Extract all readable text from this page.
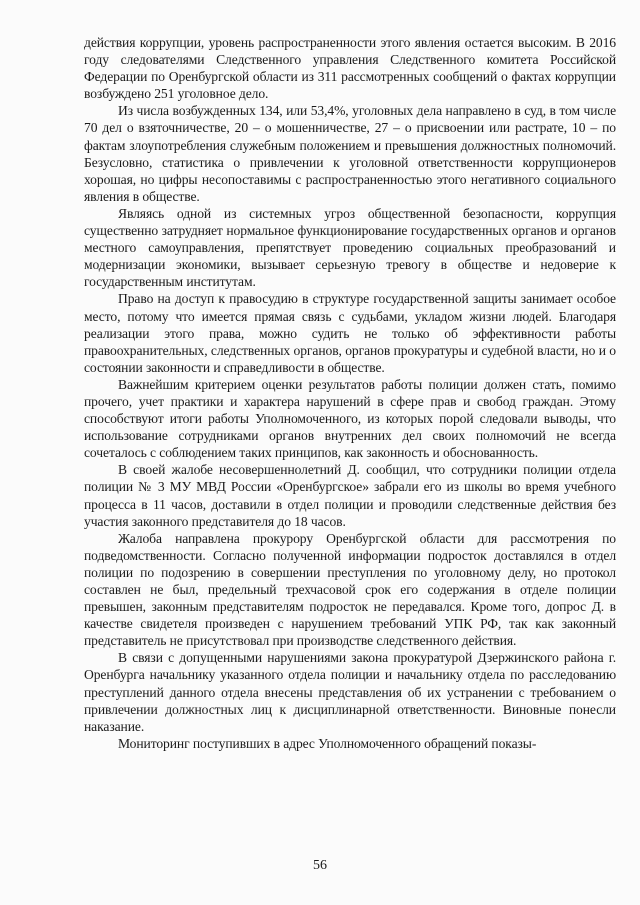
действия коррупции, уровень распространенности этого явления остается высоким. В 2016 году следователями Следственного управления Следственного комитета Российской Федерации по Оренбургской области из 311 рассмотренных сообщений о фактах коррупции возбуждено 251 уголовное дело.

Из числа возбужденных 134, или 53,4%, уголовных дела направлено в суд, в том числе 70 дел о взяточничестве, 20 – о мошенничестве, 27 – о присвоении или растрате, 10 – по фактам злоупотребления служебным положением и превышения должностных полномочий. Безусловно, статистика о привлечении к уголовной ответственности коррупционеров хорошая, но цифры несопоставимы с распространенностью этого негативного социального явления в обществе.

Являясь одной из системных угроз общественной безопасности, коррупция существенно затрудняет нормальное функционирование государственных органов и органов местного самоуправления, препятствует проведению социальных преобразований и модернизации экономики, вызывает серьезную тревогу в обществе и недоверие к государственным институтам.

Право на доступ к правосудию в структуре государственной защиты занимает особое место, потому что имеется прямая связь с судьбами, укладом жизни людей. Благодаря реализации этого права, можно судить не только об эффективности работы правоохранительных, следственных органов, органов прокуратуры и судебной власти, но и о состоянии законности и справедливости в обществе.

Важнейшим критерием оценки результатов работы полиции должен стать, помимо прочего, учет практики и характера нарушений в сфере прав и свобод граждан. Этому способствуют итоги работы Уполномоченного, из которых порой следовали выводы, что использование сотрудниками органов внутренних дел своих полномочий не всегда сочеталось с соблюдением таких принципов, как законность и обоснованность.

В своей жалобе несовершеннолетний Д. сообщил, что сотрудники полиции отдела полиции № 3 МУ МВД России «Оренбургское» забрали его из школы во время учебного процесса в 11 часов, доставили в отдел полиции и проводили следственные действия без участия законного представителя до 18 часов.

Жалоба направлена прокурору Оренбургской области для рассмотрения по подведомственности. Согласно полученной информации подросток доставлялся в отдел полиции по подозрению в совершении преступления по уголовному делу, но протокол составлен не был, предельный трехчасовой срок его содержания в отделе полиции превышен, законным представителям подросток не передавался. Кроме того, допрос Д. в качестве свидетеля произведен с нарушением требований УПК РФ, так как законный представитель не присутствовал при производстве следственного действия.

В связи с допущенными нарушениями закона прокуратурой Дзержинского района г. Оренбурга начальнику указанного отдела полиции и начальнику отдела по расследованию преступлений данного отдела внесены представления об их устранении с требованием о привлечении должностных лиц к дисциплинарной ответственности. Виновные понесли наказание.

Мониторинг поступивших в адрес Уполномоченного обращений показы-

56
